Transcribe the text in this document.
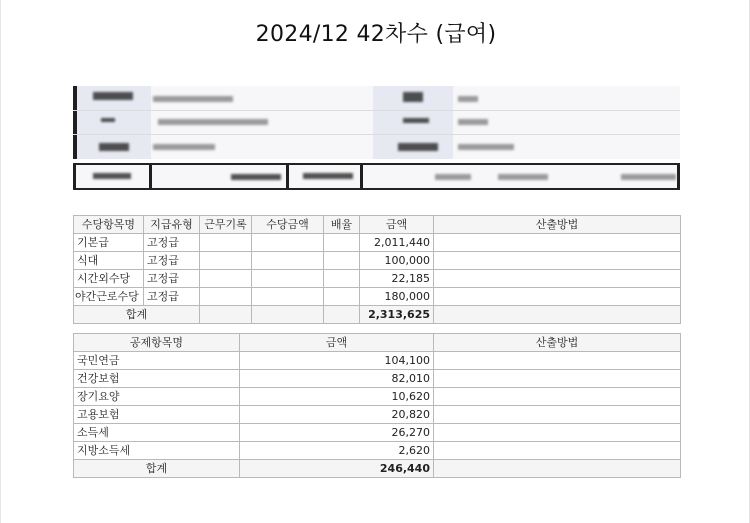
2024/12 42차수 (급여)
수당항목명	지급유형	근무기록	수당금액	배율	금액	산출방법
기본급	고정급				2,011,440	
식대	고정급				100,000	
시간외수당	고정급				22,185	
야간근로수당	고정급				180,000	
합계					2,313,625	
공제항목명	금액	산출방법
국민연금	104,100	
건강보험	82,010	
장기요양	10,620	
고용보험	20,820	
소득세	26,270	
지방소득세	2,620	
합계	246,440	
